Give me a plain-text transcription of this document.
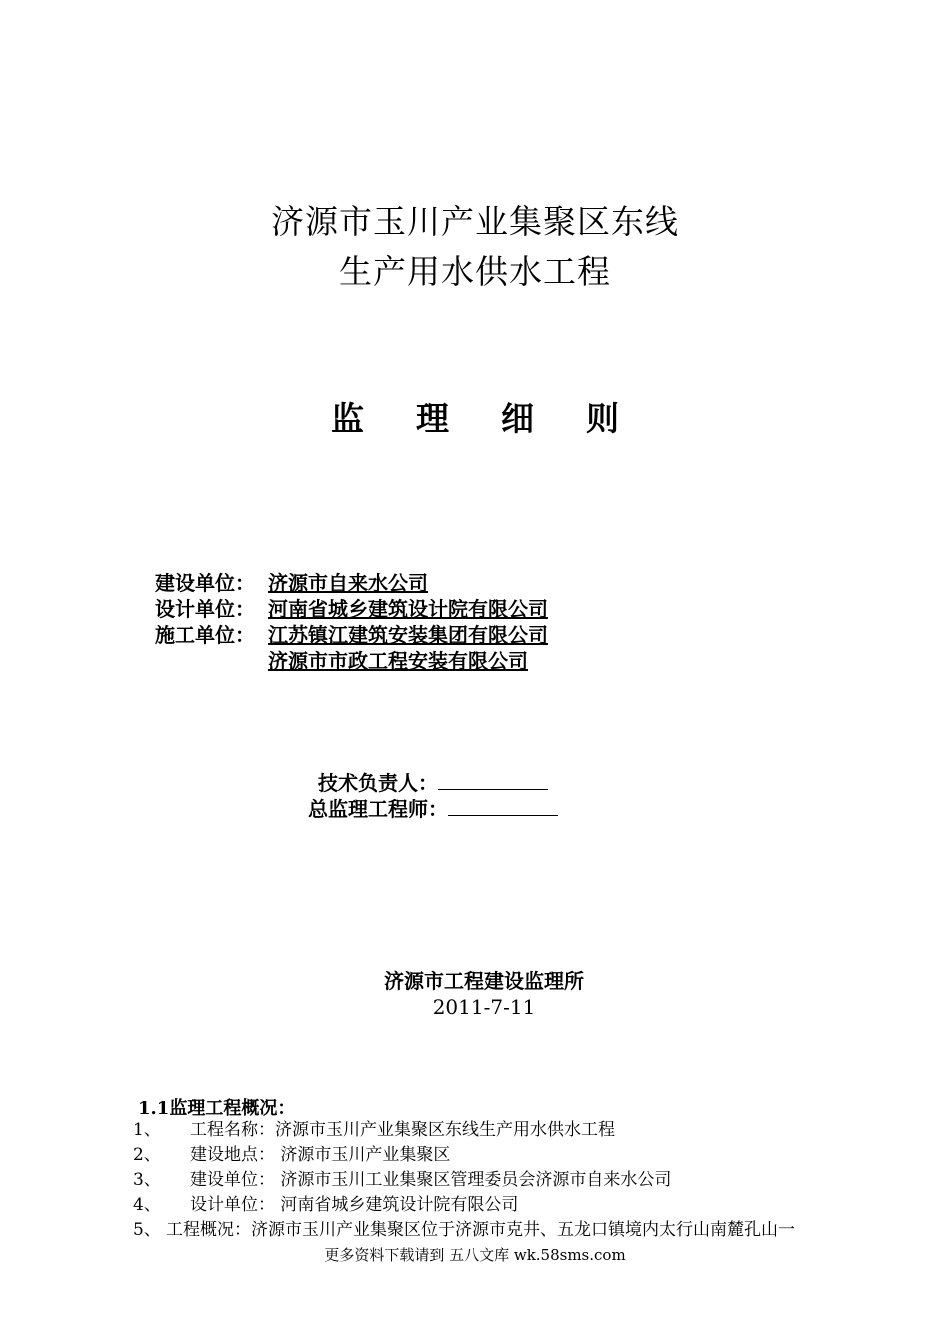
济源市玉川产业集聚区东线
生产用水供水工程
监 理 细 则
建设单位： 济源市自来水公司
设计单位： 河南省城乡建筑设计院有限公司
施工单位： 江苏镇江建筑安装集团有限公司
济源市市政工程安装有限公司
技术负责人：
总监理工程师：
济源市工程建设监理所
2011-7-11
1.1监理工程概况：
1、 工程名称：济源市玉川产业集聚区东线生产用水供水工程
2、 建设地点： 济源市玉川产业集聚区
3、 建设单位： 济源市玉川工业集聚区管理委员会济源市自来水公司
4、 设计单位： 河南省城乡建筑设计院有限公司
5、 工程概况：济源市玉川产业集聚区位于济源市克井、五龙口镇境内太行山南麓孔山一
更多资料下载请到 五八文库 wk.58sms.com
